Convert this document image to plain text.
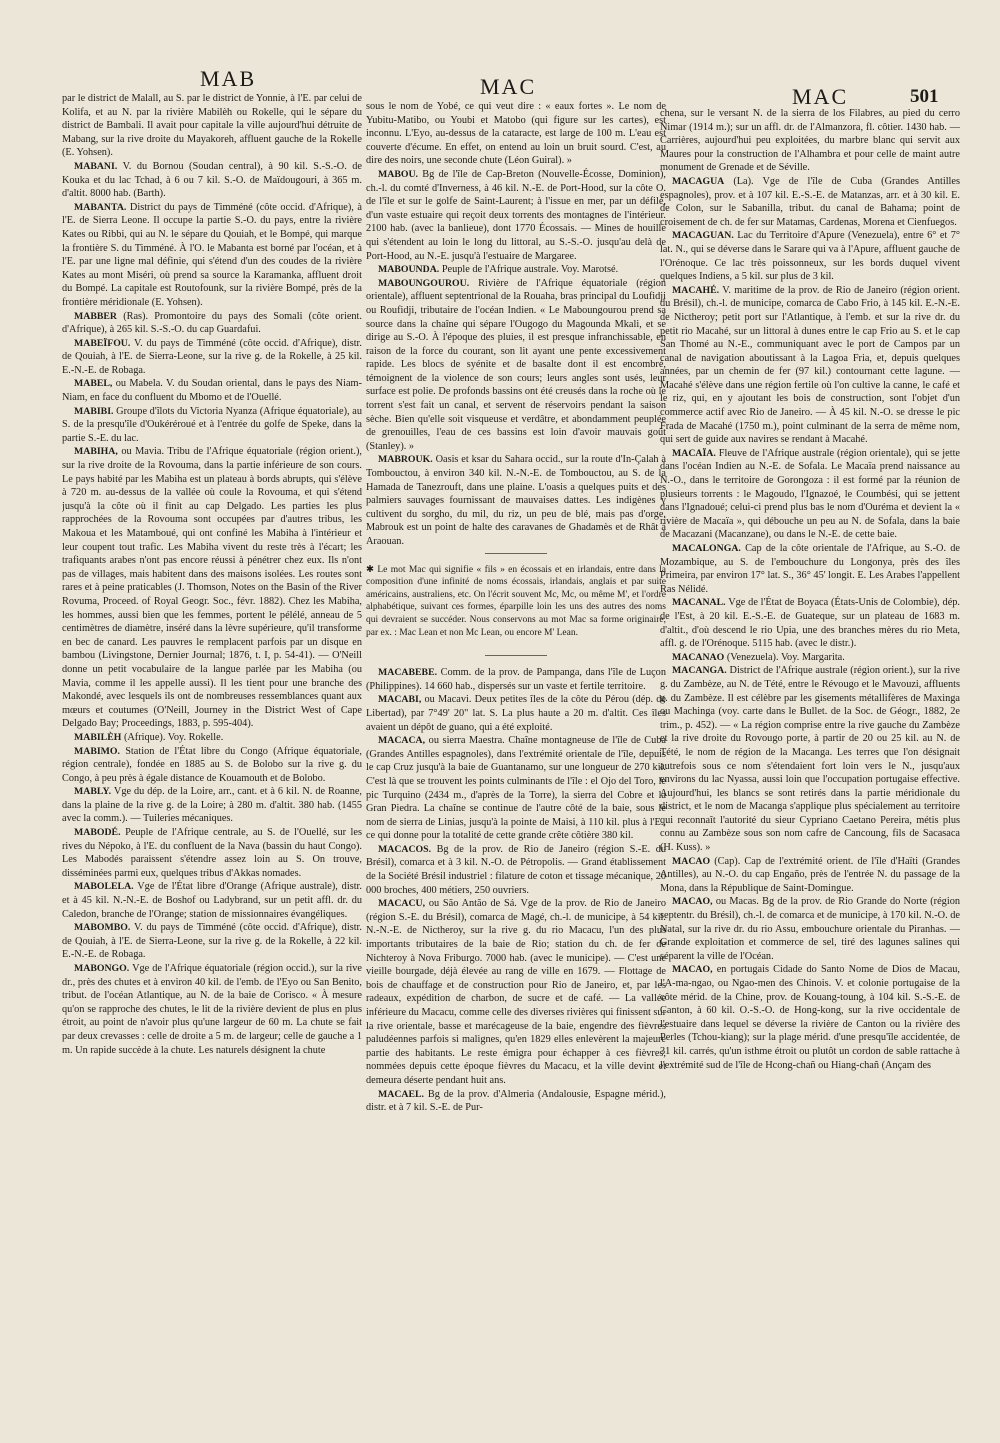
MAB	MAC	MAC	501

par le district de Malall, au S. par le district de Yonnie, à l'E. par celui de Kolifa, et au N. par la rivière Mabilèh ou Rokelle, qui le sépare du district de Bambali. Il avait pour capitale la ville aujourd'hui détruite de Mabang, sur la rive droite du Mayakoreh, affluent gauche de la Rokelle (E. Yohsen).

MABANI. V. du Bornou (Soudan central), à 90 kil. S.-S.-O. de Kouka et du lac Tchad, à 6 ou 7 kil. S.-O. de Maïdougouri, à 365 m. d'altit. 8000 hab. (Barth).

MABANTA. District du pays de Timméné (côte occid. d'Afrique), à l'E. de Sierra Leone. Il occupe la partie S.-O. du pays, entre la rivière Kates ou Ribbi, qui au N. le sépare du Qouiah, et le Bompé, qui marque la frontière S. du Timméné. À l'O. le Mabanta est borné par l'océan, et à l'E. par une ligne mal définie, qui s'étend d'un des coudes de la rivière Kates au mont Miséri, où prend sa source la Karamanka, affluent droit du Bompé. La capitale est Routofounk, sur la rivière Bompé, près de la frontière méridionale (E. Yohsen).

MABBER (Ras). Promontoire du pays des Somali (côte orient. d'Afrique), à 265 kil. S.-S.-O. du cap Guardafui.

MABEÏFOU. V. du pays de Timméné (côte occid. d'Afrique), distr. de Qouiah, à l'E. de Sierra-Leone, sur la rive g. de la Rokelle, à 25 kil. E.-N.-E. de Robaga.

MABEL, ou Mabela. V. du Soudan oriental, dans le pays des Niam-Niam, en face du confluent du Mbomo et de l'Ouellé.

MABIBI. Groupe d'îlots du Victoria Nyanza (Afrique équatoriale), au S. de la presqu'île d'Oukéréroué et à l'entrée du golfe de Speke, dans la partie S.-E. du lac.

MABIHA, ou Mavia. Tribu de l'Afrique équatoriale (région orient.), sur la rive droite de la Rovouma, dans la partie inférieure de son cours. Le pays habité par les Mabiha est un plateau à bords abrupts, qui s'élève à 720 m. au-dessus de la vallée où coule la Rovouma, et qui s'étend jusqu'à la côte où il finit au cap Delgado. Les parties les plus rapprochées de la Rovouma sont occupées par d'autres tribus, les Makoua et les Matamboué, qui ont confiné les Mabiha à l'intérieur et leur coupent tout trafic. Les Mabiha vivent du reste très à l'écart; les trafiquants arabes n'ont pas encore réussi à pénétrer chez eux. Ils n'ont pas de villages, mais habitent dans des maisons isolées. Les routes sont rares et à peine praticables (J. Thomson, Notes on the Basin of the River Rovuma, Proceed. of Royal Geogr. Soc., févr. 1882). Chez les Mabiha, les hommes, aussi bien que les femmes, portent le pélélé, anneau de 5 centimètres de diamètre, inséré dans la lèvre supérieure, qu'il transforme en bec de canard. Les pauvres le remplacent parfois par un disque en bambou (Livingstone, Dernier Journal; 1876, t. I, p. 54-41). — O'Neill donne un petit vocabulaire de la langue parlée par les Mabiha (ou Mavia, comme il les appelle aussi). Il les tient pour une branche des Makondé, avec lesquels ils ont de nombreuses ressemblances quant aux mœurs et coutumes (O'Neill, Journey in the District West of Cape Delgado Bay; Proceedings, 1883, p. 595-404).

MABILÈH (Afrique). Voy. Rokelle.

MABIMO. Station de l'État libre du Congo (Afrique équatoriale, région centrale), fondée en 1885 au S. de Bolobo sur la rive g. du Congo, à peu près à égale distance de Kouamouth et de Bolobo.

MABLY. Vge du dép. de la Loire, arr., cant. et à 6 kil. N. de Roanne, dans la plaine de la rive g. de la Loire; à 280 m. d'altit. 380 hab. (1455 avec la comm.). — Tuileries mécaniques.

MABODÉ. Peuple de l'Afrique centrale, au S. de l'Ouellé, sur les rives du Népoko, à l'E. du confluent de la Nava (bassin du haut Congo). Les Mabodés paraissent s'étendre assez loin au S. On trouve, disséminées parmi eux, quelques tribus d'Akkas nomades.

MABOLELA. Vge de l'État libre d'Orange (Afrique australe), distr. et à 45 kil. N.-N.-E. de Boshof ou Ladybrand, sur un petit affl. dr. du Caledon, branche de l'Orange; station de missionnaires évangéliques.

MABOMBO. V. du pays de Timméné (côte occid. d'Afrique), distr. de Qouiah, à l'E. de Sierra-Leone, sur la rive g. de la Rokelle, à 22 kil. E.-N.-E. de Robaga.

MABONGO. Vge de l'Afrique équatoriale (région occid.), sur la rive dr., près des chutes et à environ 40 kil. de l'emb. de l'Eyo ou San Benito, tribut. de l'océan Atlantique, au N. de la baie de Corisco. « À mesure qu'on se rapproche des chutes, le lit de la rivière devient de plus en plus étroit, au point de n'avoir plus qu'une largeur de 60 m. La chute se fait par deux crevasses : celle de droite a 5 m. de largeur; celle de gauche a 1 m. Un rapide succède à la chute. Les naturels désignent la chute

sous le nom de Yobé, ce qui veut dire : « eaux fortes ». Le nom de Yubitu-Matibo, ou Youbi et Matobo (qui figure sur les cartes), est inconnu. L'Eyo, au-dessus de la cataracte, est large de 100 m. L'eau est couverte d'écume. En effet, on entend au loin un bruit sourd. C'est, au dire des noirs, une seconde chute (Léon Guiral). »

MABOU. Bg de l'île de Cap-Breton (Nouvelle-Écosse, Dominion), ch.-l. du comté d'Inverness, à 46 kil. N.-E. de Port-Hood, sur la côte O. de l'île et sur le golfe de Saint-Laurent; à l'issue en mer, par un défilé, d'un vaste estuaire qui reçoit deux torrents des montagnes de l'intérieur. 2100 hab. (avec la banlieue), dont 1770 Écossais. — Mines de houille qui s'étendent au loin le long du littoral, au S.-S.-O. jusqu'au delà de Port-Hood, au N.-E. jusqu'à l'estuaire de Margaree.

MABOUNDA. Peuple de l'Afrique australe. Voy. Marotsé.

MABOUNGOUROU. Rivière de l'Afrique équatoriale (région orientale), affluent septentrional de la Rouaha, bras principal du Loufidji ou Roufidji, tributaire de l'océan Indien. « Le Maboungourou prend sa source dans la chaîne qui sépare l'Ougogo du Magounda Mkali, et se dirige au S.-O. À l'époque des pluies, il est presque infranchissable, en raison de la force du courant, son lit ayant une pente excessivement rapide. Les blocs de syénite et de basalte dont il est encombré, témoignent de la violence de son cours; leurs angles sont usés, leur surface est polie. De profonds bassins ont été creusés dans la roche où le torrent s'est fait un canal, et servent de réservoirs pendant la saison sèche. Bien qu'elle soit visqueuse et verdâtre, et abondamment peuplée de grenouilles, l'eau de ces bassins est loin d'avoir mauvais goût (Stanley). »

MABROUK. Oasis et ksar du Sahara occid., sur la route d'In-Çalah à Tombouctou, à environ 340 kil. N.-N.-E. de Tombouctou, au S. de la Hamada de Tanezrouft, dans une plaine. L'oasis a quelques puits et des palmiers sauvages fournissant de mauvaises dattes. Les indigènes y cultivent du sorgho, du mil, du riz, un peu de blé, mais pas d'orge. Mabrouk est un point de halte des caravanes de Ghadamès et de Rhât à Araouan.

✱ Le mot Mac qui signifie « fils » en écossais et en irlandais, entre dans la composition d'une infinité de noms écossais, irlandais, anglais et par suite américains, australiens, etc. On l'écrit souvent Mc, Mc, ou même M', et l'ordre alphabétique, suivant ces formes, éparpille loin les uns des autres des noms qui devraient se succéder. Nous conservons au mot Mac sa forme originaire, par ex. : Mac Lean et non Mc Lean, ou encore M' Lean.

MACABEBE. Comm. de la prov. de Pampanga, dans l'île de Luçon (Philippines). 14 660 hab., dispersés sur un vaste et fertile territoire.

MACABI, ou Macavi. Deux petites îles de la côte du Pérou (dép. de Libertad), par 7°49' 20" lat. S. La plus haute a 20 m. d'altit. Ces îles avaient un dépôt de guano, qui a été exploité.

MACACA, ou sierra Maestra. Chaîne montagneuse de l'île de Cuba (Grandes Antilles espagnoles), dans l'extrémité orientale de l'île, depuis le cap Cruz jusqu'à la baie de Guantanamo, sur une longueur de 270 kil. C'est là que se trouvent les points culminants de l'île : el Ojo del Toro, le pic Turquino (2434 m., d'après de la Torre), la sierra del Cobre et la Gran Piedra. La chaîne se continue de l'autre côté de la baie, sous le nom de sierra de Linias, jusqu'à la pointe de Maisi, à 110 kil. plus à l'E., ce qui donne pour la totalité de cette grande crête côtière 380 kil.

MACACOS. Bg de la prov. de Rio de Janeiro (région S.-E. du Brésil), comarca et à 3 kil. N.-O. de Pétropolis. — Grand établissement de la Société Brésil industriel : filature de coton et tissage mécanique, 20 000 broches, 400 métiers, 250 ouvriers.

MACACU, ou São Antão de Sá. Vge de la prov. de Rio de Janeiro (région S.-E. du Brésil), comarca de Magé, ch.-l. de municipe, à 54 kil. N.-N.-E. de Nictheroy, sur la rive g. du rio Macacu, l'un des plus importants tributaires de la baie de Rio; station du ch. de fer de Nichteroy à Nova Friburgo. 7000 hab. (avec le municipe). — C'est une vieille bourgade, déjà élevée au rang de ville en 1679. — Flottage de bois de chauffage et de construction pour Rio de Janeiro, et, par les radeaux, expédition de charbon, de sucre et de café. — La vallée inférieure du Macacu, comme celle des diverses rivières qui finissent sur la rive orientale, basse et marécageuse de la baie, engendre des fièvres paludéennes parfois si malignes, qu'en 1829 elles enlevèrent la majeure partie des habitants. Le reste émigra pour échapper à ces fièvres, nommées depuis cette époque fièvres du Macacu, et la ville devint et demeura déserte pendant huit ans.

MACAEL. Bg de la prov. d'Almeria (Andalousie, Espagne mérid.), distr. et à 7 kil. S.-E. de Pur-

chena, sur le versant N. de la sierra de los Filabres, au pied du cerro Nimar (1914 m.); sur un affl. dr. de l'Almanzora, fl. côtier. 1430 hab. — Carrières, aujourd'hui peu exploitées, du marbre blanc qui servit aux Maures pour la construction de l'Alhambra et pour celle de maint autre monument de Grenade et de Séville.

MACAGUA (La). Vge de l'île de Cuba (Grandes Antilles espagnoles), prov. et à 107 kil. E.-S.-E. de Matanzas, arr. et à 30 kil. E. de Colon, sur le Sabanilla, tribut. du canal de Bahama; point de croisement de ch. de fer sur Matamas, Cardenas, Morena et Cienfuegos.

MACAGUAN. Lac du Territoire d'Apure (Venezuela), entre 6° et 7° lat. N., qui se déverse dans le Sarare qui va à l'Apure, affluent gauche de l'Orénoque. Ce lac très poissonneux, sur les bords duquel vivent quelques Indiens, a 5 kil. sur plus de 3 kil.

MACAHÉ. V. maritime de la prov. de Rio de Janeiro (région orient. du Brésil), ch.-l. de municipe, comarca de Cabo Frio, à 145 kil. E.-N.-E. de Nictheroy; petit port sur l'Atlantique, à l'emb. et sur la rive dr. du petit rio Macahé, sur un littoral à dunes entre le cap Frio au S. et le cap San Thomé au N.-E., communiquant avec le port de Campos par un canal de navigation aboutissant à la Lagoa Fria, et, depuis quelques années, par un chemin de fer (97 kil.) contournant cette lagune. — Macahé s'élève dans une région fertile où l'on cultive la canne, le café et le riz, qui, en y ajoutant les bois de construction, sont l'objet d'un commerce actif avec Rio de Janeiro. — À 45 kil. N.-O. se dresse le pic Frada de Macahé (1750 m.), point culminant de la serra de même nom, qui sert de guide aux navires se rendant à Macahé.

MACAÏA. Fleuve de l'Afrique australe (région orientale), qui se jette dans l'océan Indien au N.-E. de Sofala. Le Macaïa prend naissance au N.-O., dans le territoire de Gorongoza : il est formé par la réunion de plusieurs torrents : le Magoudo, l'Ignazoé, le Coumbési, qui se jettent dans l'Ignadoué; celui-ci prend plus bas le nom d'Ouréma et devient la « rivière de Macaïa », qui débouche un peu au N. de Sofala, dans la baie de Macazani (Macanzane), ou dans le N.-E. de cette baie.

MACALONGA. Cap de la côte orientale de l'Afrique, au S.-O. de Mozambique, au S. de l'embouchure du Longonya, près des îles Primeira, par environ 17° lat. S., 36° 45' longit. E. Les Arabes l'appellent Ras Nélidé.

MACANAL. Vge de l'État de Boyaca (États-Unis de Colombie), dép. de l'Est, à 20 kil. E.-S.-E. de Guateque, sur un plateau de 1683 m. d'altit., d'où descend le rio Upia, une des branches mères du rio Meta, affl. g. de l'Orénoque. 5115 hab. (avec le distr.).

MACANAO (Venezuela). Voy. Margarita.

MACANGA. District de l'Afrique australe (région orient.), sur la rive g. du Zambèze, au N. de Tété, entre le Révougo et le Mavouzi, affluents g. du Zambèze. Il est célèbre par les gisements métallifères de Maxinga ou Machinga (voy. carte dans le Bullet. de la Soc. de Géogr., 1882, 2e trim., p. 452). — « La région comprise entre la rive gauche du Zambèze et la rive droite du Rovougo porte, à partir de 20 ou 25 kil. au N. de Tété, le nom de région de la Macanga. Les terres que l'on désignait autrefois sous ce nom s'étendaient fort loin vers le N., jusqu'aux environs du lac Nyassa, aussi loin que l'occupation portugaise effective. Aujourd'hui, les blancs se sont retirés dans la partie méridionale du district, et le nom de Macanga s'applique plus spécialement au territoire qui reconnaît l'autorité du sieur Cypriano Caetano Pereira, métis plus connu au Zambèze sous son nom cafre de Cancoung, fils de Sacasaca (H. Kuss). »

MACAO (Cap). Cap de l'extrémité orient. de l'île d'Haïti (Grandes Antilles), au N.-O. du cap Engaño, près de l'entrée N. du passage de la Mona, dans la République de Saint-Domingue.

MACAO, ou Macas. Bg de la prov. de Rio Grande do Norte (région septentr. du Brésil), ch.-l. de comarca et de municipe, à 170 kil. N.-O. de Natal, sur la rive dr. du rio Assu, embouchure orientale du Piranhas. — Grande exploitation et commerce de sel, tiré des lagunes salines qui séparent la ville de l'Océan.

MACAO, en portugais Cidade do Santo Nome de Dios de Macau, l'A-ma-ngao, ou Ngao-men des Chinois. V. et colonie portugaise de la côte mérid. de la Chine, prov. de Kouang-toung, à 104 kil. S.-S.-E. de Canton, à 60 kil. O.-S.-O. de Hong-kong, sur la rive occidentale de l'estuaire dans lequel se déverse la rivière de Canton ou la rivière des Perles (Tchou-kiang); sur la plage mérid. d'une presqu'île accidentée, de 31 kil. carrés, qu'un isthme étroit ou plutôt un cordon de sable rattache à l'extrémité sud de l'île de Hcong-chañ ou Hiang-chañ (Ançam des
